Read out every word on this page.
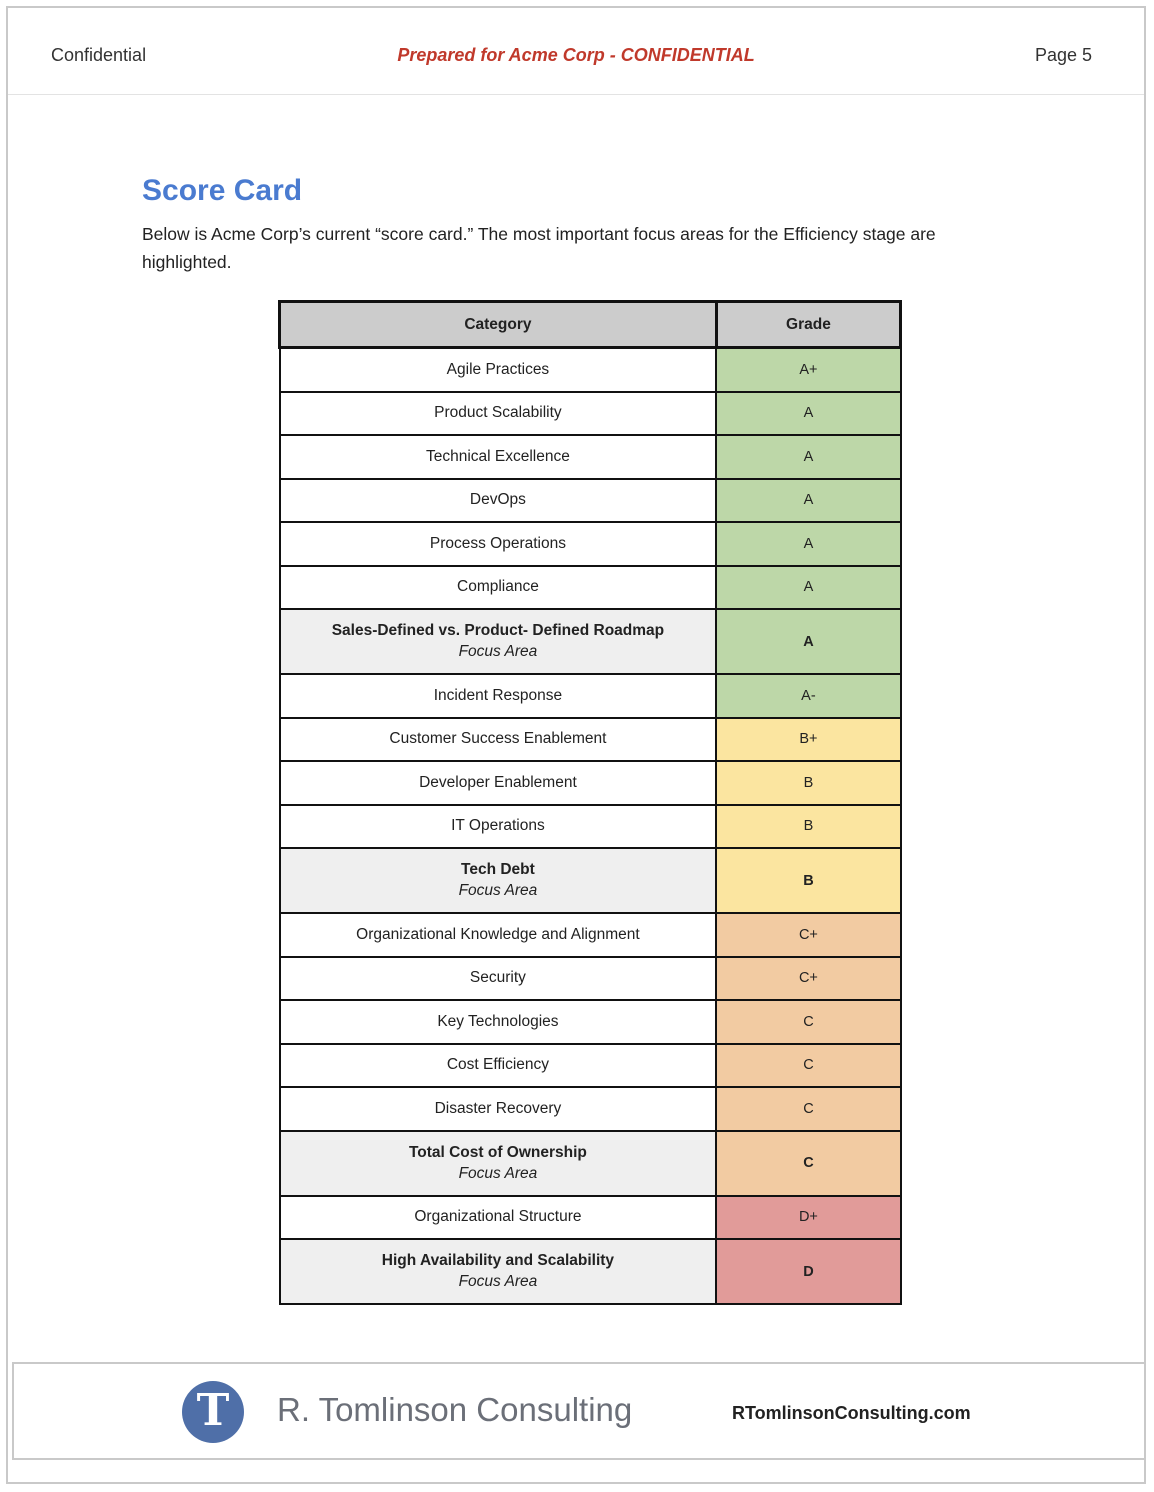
Confidential	Prepared for Acme Corp - CONFIDENTIAL	Page 5
Score Card
Below is Acme Corp’s current “score card.” The most important focus areas for the Efficiency stage are highlighted.
Category	Grade
Agile Practices	A+
Product Scalability	A
Technical Excellence	A
DevOps	A
Process Operations	A
Compliance	A

Sales-Defined vs. Product- Defined Roadmap
Focus Area	A
Incident Response	A-
Customer Success Enablement	B+
Developer Enablement	B
IT Operations	B

Tech Debt
Focus Area	B
Organizational Knowledge and Alignment	C+
Security	C+
Key Technologies	C
Cost Efficiency	C
Disaster Recovery	C

Total Cost of Ownership
Focus Area	C
Organizational Structure	D+

High Availability and Scalability
Focus Area	D
T	R. Tomlinson Consulting	RTomlinsonConsulting.com
